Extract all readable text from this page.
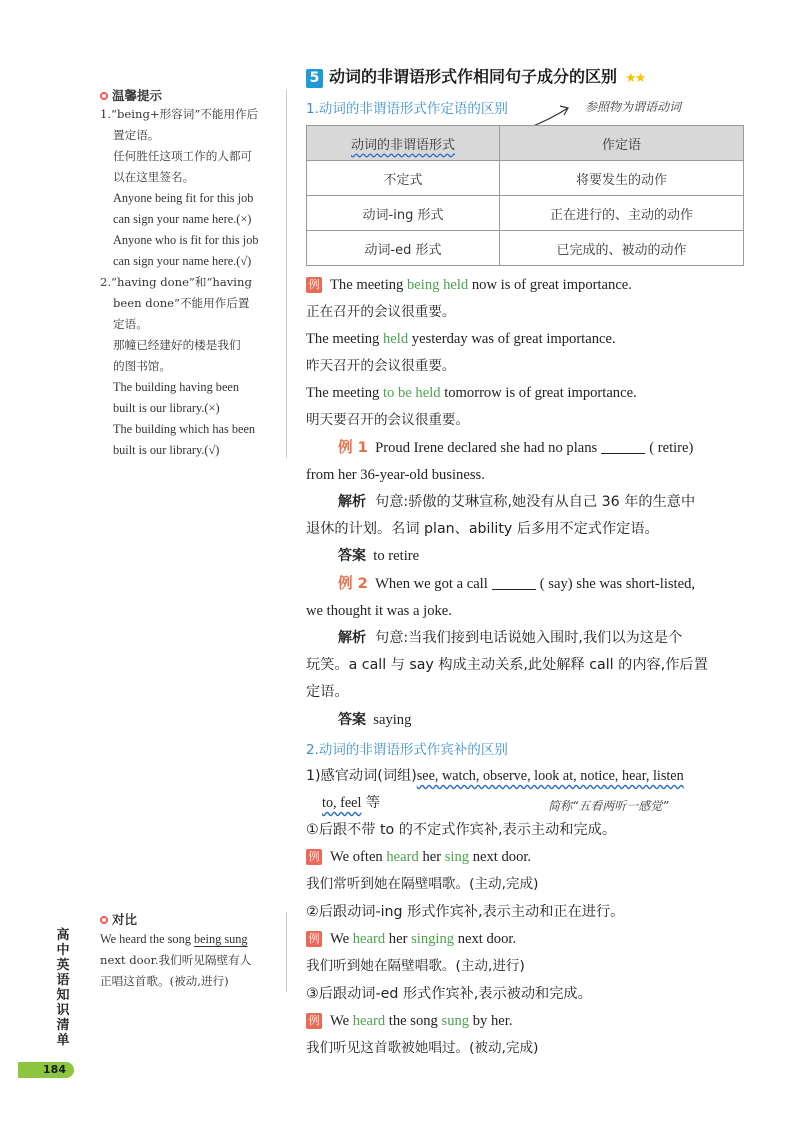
温馨提示
1.“being+形容词”不能用作后
置定语。
任何胜任这项工作的人都可
以在这里签名。
Anyone being fit for this job
can sign your name here.(×)
Anyone who is fit for this job
can sign your name here.(√)
2.“having done”和“having
been done”不能用作后置
定语。
那幢已经建好的楼是我们
的图书馆。
The building having been
built is our library.(×)
The building which has been
built is our library.(√)
对比
We heard the song being sung
next door.我们听见隔壁有人
正唱这首歌。(被动,进行)
高
中
英
语
知
识
清
单
184
5 动词的非谓语形式作相同句子成分的区别 ★★
1.动词的非谓语形式作定语的区别	参照物为谓语动词
动词的非谓语形式	作定语
不定式	将要发生的动作
动词-ing 形式	正在进行的、主动的动作
动词-ed 形式	已完成的、被动的动作
例 The meeting being held now is of great importance.
正在召开的会议很重要。
The meeting held yesterday was of great importance.
昨天召开的会议很重要。
The meeting to be held tomorrow is of great importance.
明天要召开的会议很重要。
例 1 Proud Irene declared she had no plans	( retire)
from her 36-year-old business.
解析 句意:骄傲的艾琳宣称,她没有从自己 36 年的生意中
退休的计划。名词 plan、ability 后多用不定式作定语。
答案 to retire
例 2 When we got a call	( say) she was short-listed,
we thought it was a joke.
解析 句意:当我们接到电话说她入围时,我们以为这是个
玩笑。a call 与 say 构成主动关系,此处解释 call 的内容,作后置
定语。
答案 saying
2.动词的非谓语形式作宾补的区别
1)感官动词(词组)see, watch, observe, look at, notice, hear, listen
to, feel 等	简称“五看两听一感觉”
①后跟不带 to 的不定式作宾补,表示主动和完成。
例 We often heard her sing next door.
我们常听到她在隔壁唱歌。(主动,完成)
②后跟动词-ing 形式作宾补,表示主动和正在进行。
例 We heard her singing next door.
我们听到她在隔壁唱歌。(主动,进行)
③后跟动词-ed 形式作宾补,表示被动和完成。
例 We heard the song sung by her.
我们听见这首歌被她唱过。(被动,完成)
